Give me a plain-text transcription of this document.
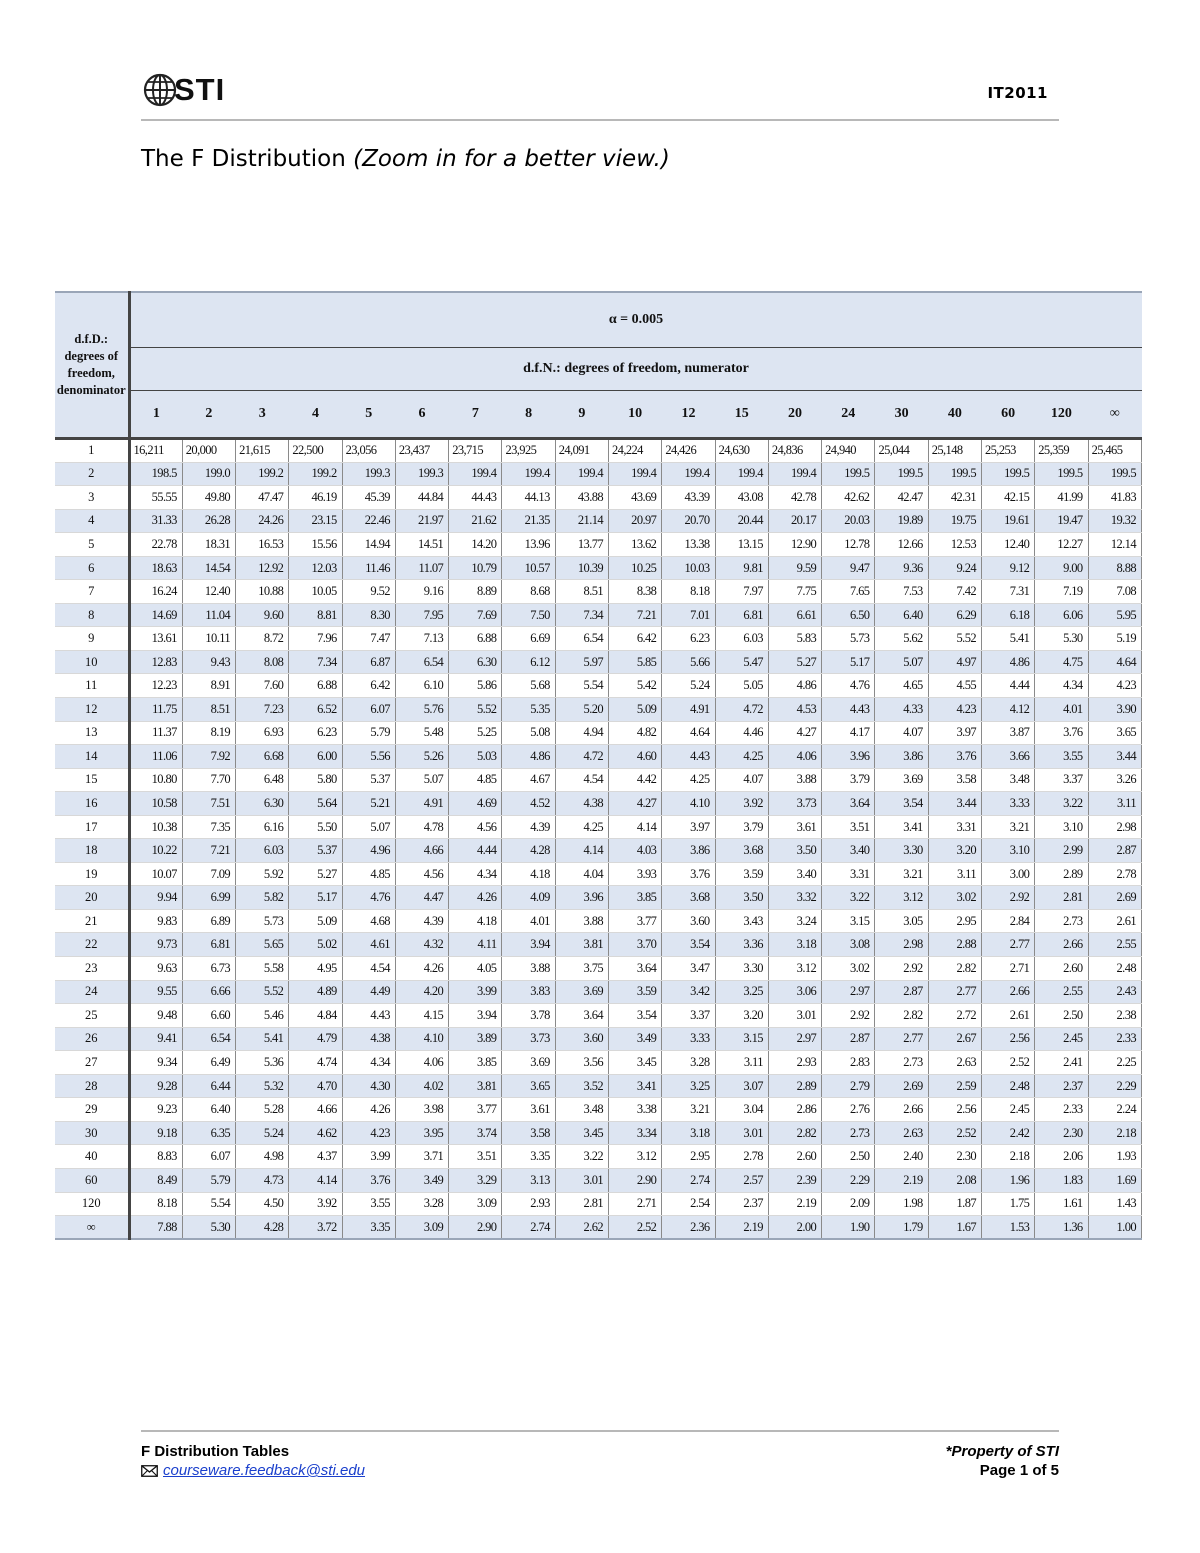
STI	IT2011
The F Distribution (Zoom in for a better view.)
d.f.D.:
degrees of
freedom,
denominator	α = 0.005																		
	d.f.N.: degrees of freedom, numerator																		
	1	2	3	4	5	6	7	8	9	10	12	15	20	24	30	40	60	120	∞
1	16,211	20,000	21,615	22,500	23,056	23,437	23,715	23,925	24,091	24,224	24,426	24,630	24,836	24,940	25,044	25,148	25,253	25,359	25,465
2	198.5	199.0	199.2	199.2	199.3	199.3	199.4	199.4	199.4	199.4	199.4	199.4	199.4	199.5	199.5	199.5	199.5	199.5	199.5
3	55.55	49.80	47.47	46.19	45.39	44.84	44.43	44.13	43.88	43.69	43.39	43.08	42.78	42.62	42.47	42.31	42.15	41.99	41.83
4	31.33	26.28	24.26	23.15	22.46	21.97	21.62	21.35	21.14	20.97	20.70	20.44	20.17	20.03	19.89	19.75	19.61	19.47	19.32
5	22.78	18.31	16.53	15.56	14.94	14.51	14.20	13.96	13.77	13.62	13.38	13.15	12.90	12.78	12.66	12.53	12.40	12.27	12.14
6	18.63	14.54	12.92	12.03	11.46	11.07	10.79	10.57	10.39	10.25	10.03	9.81	9.59	9.47	9.36	9.24	9.12	9.00	8.88
7	16.24	12.40	10.88	10.05	9.52	9.16	8.89	8.68	8.51	8.38	8.18	7.97	7.75	7.65	7.53	7.42	7.31	7.19	7.08
8	14.69	11.04	9.60	8.81	8.30	7.95	7.69	7.50	7.34	7.21	7.01	6.81	6.61	6.50	6.40	6.29	6.18	6.06	5.95
9	13.61	10.11	8.72	7.96	7.47	7.13	6.88	6.69	6.54	6.42	6.23	6.03	5.83	5.73	5.62	5.52	5.41	5.30	5.19
10	12.83	9.43	8.08	7.34	6.87	6.54	6.30	6.12	5.97	5.85	5.66	5.47	5.27	5.17	5.07	4.97	4.86	4.75	4.64
11	12.23	8.91	7.60	6.88	6.42	6.10	5.86	5.68	5.54	5.42	5.24	5.05	4.86	4.76	4.65	4.55	4.44	4.34	4.23
12	11.75	8.51	7.23	6.52	6.07	5.76	5.52	5.35	5.20	5.09	4.91	4.72	4.53	4.43	4.33	4.23	4.12	4.01	3.90
13	11.37	8.19	6.93	6.23	5.79	5.48	5.25	5.08	4.94	4.82	4.64	4.46	4.27	4.17	4.07	3.97	3.87	3.76	3.65
14	11.06	7.92	6.68	6.00	5.56	5.26	5.03	4.86	4.72	4.60	4.43	4.25	4.06	3.96	3.86	3.76	3.66	3.55	3.44
15	10.80	7.70	6.48	5.80	5.37	5.07	4.85	4.67	4.54	4.42	4.25	4.07	3.88	3.79	3.69	3.58	3.48	3.37	3.26
16	10.58	7.51	6.30	5.64	5.21	4.91	4.69	4.52	4.38	4.27	4.10	3.92	3.73	3.64	3.54	3.44	3.33	3.22	3.11
17	10.38	7.35	6.16	5.50	5.07	4.78	4.56	4.39	4.25	4.14	3.97	3.79	3.61	3.51	3.41	3.31	3.21	3.10	2.98
18	10.22	7.21	6.03	5.37	4.96	4.66	4.44	4.28	4.14	4.03	3.86	3.68	3.50	3.40	3.30	3.20	3.10	2.99	2.87
19	10.07	7.09	5.92	5.27	4.85	4.56	4.34	4.18	4.04	3.93	3.76	3.59	3.40	3.31	3.21	3.11	3.00	2.89	2.78
20	9.94	6.99	5.82	5.17	4.76	4.47	4.26	4.09	3.96	3.85	3.68	3.50	3.32	3.22	3.12	3.02	2.92	2.81	2.69
21	9.83	6.89	5.73	5.09	4.68	4.39	4.18	4.01	3.88	3.77	3.60	3.43	3.24	3.15	3.05	2.95	2.84	2.73	2.61
22	9.73	6.81	5.65	5.02	4.61	4.32	4.11	3.94	3.81	3.70	3.54	3.36	3.18	3.08	2.98	2.88	2.77	2.66	2.55
23	9.63	6.73	5.58	4.95	4.54	4.26	4.05	3.88	3.75	3.64	3.47	3.30	3.12	3.02	2.92	2.82	2.71	2.60	2.48
24	9.55	6.66	5.52	4.89	4.49	4.20	3.99	3.83	3.69	3.59	3.42	3.25	3.06	2.97	2.87	2.77	2.66	2.55	2.43
25	9.48	6.60	5.46	4.84	4.43	4.15	3.94	3.78	3.64	3.54	3.37	3.20	3.01	2.92	2.82	2.72	2.61	2.50	2.38
26	9.41	6.54	5.41	4.79	4.38	4.10	3.89	3.73	3.60	3.49	3.33	3.15	2.97	2.87	2.77	2.67	2.56	2.45	2.33
27	9.34	6.49	5.36	4.74	4.34	4.06	3.85	3.69	3.56	3.45	3.28	3.11	2.93	2.83	2.73	2.63	2.52	2.41	2.25
28	9.28	6.44	5.32	4.70	4.30	4.02	3.81	3.65	3.52	3.41	3.25	3.07	2.89	2.79	2.69	2.59	2.48	2.37	2.29
29	9.23	6.40	5.28	4.66	4.26	3.98	3.77	3.61	3.48	3.38	3.21	3.04	2.86	2.76	2.66	2.56	2.45	2.33	2.24
30	9.18	6.35	5.24	4.62	4.23	3.95	3.74	3.58	3.45	3.34	3.18	3.01	2.82	2.73	2.63	2.52	2.42	2.30	2.18
40	8.83	6.07	4.98	4.37	3.99	3.71	3.51	3.35	3.22	3.12	2.95	2.78	2.60	2.50	2.40	2.30	2.18	2.06	1.93
60	8.49	5.79	4.73	4.14	3.76	3.49	3.29	3.13	3.01	2.90	2.74	2.57	2.39	2.29	2.19	2.08	1.96	1.83	1.69
120	8.18	5.54	4.50	3.92	3.55	3.28	3.09	2.93	2.81	2.71	2.54	2.37	2.19	2.09	1.98	1.87	1.75	1.61	1.43
∞	7.88	5.30	4.28	3.72	3.35	3.09	2.90	2.74	2.62	2.52	2.36	2.19	2.00	1.90	1.79	1.67	1.53	1.36	1.00
F Distribution Tables
courseware.feedback@sti.edu
*Property of STI
Page 1 of 5
